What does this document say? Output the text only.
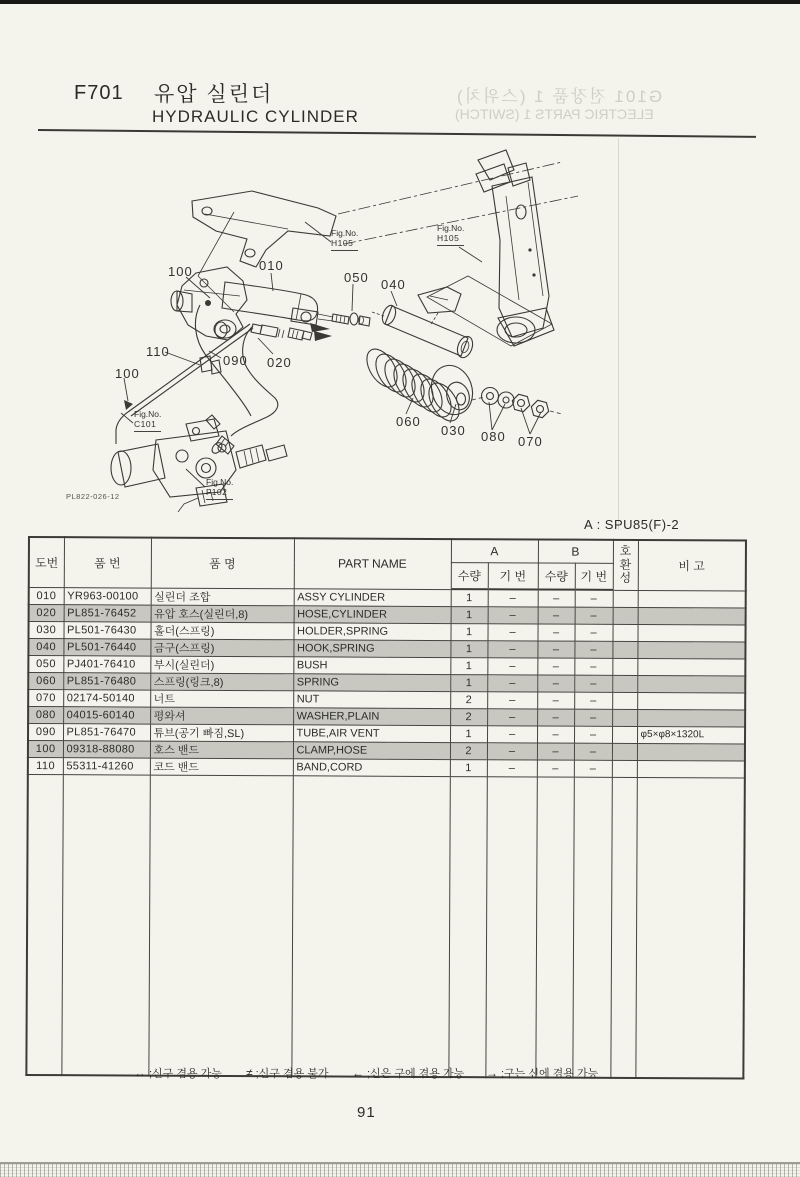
F701 유압 실린더
HYDRAULIC CYLINDER
G101 전장품 1 (스위치)
ELECTRIC PARTS 1 (SWITCH)
100	010
050 040
110
090 020
100
060
030 080 070
Fig.No.
H105
Fig.No.
H105
Fig.No.
C101
Fig.No.
F102
PL822-026-12
A : SPU85(F)-2
도번	품 번	품 명	PART NAME	A		B		호
환
성	비 고
				수량	기 번	수량	기 번		
010	YR963-00100	실린더 조합	ASSY CYLINDER	1	–	–	–		
020	PL851-76452	유압 호스(실린더,8)	HOSE,CYLINDER	1	–	–	–		
030	PL501-76430	홀더(스프링)	HOLDER,SPRING	1	–	–	–		
040	PL501-76440	금구(스프링)	HOOK,SPRING	1	–	–	–		
050	PJ401-76410	부시(실린더)	BUSH	1	–	–	–		
060	PL851-76480	스프링(링크,8)	SPRING	1	–	–	–		
070	02174-50140	너트	NUT	2	–	–	–		
080	04015-60140	평와셔	WASHER,PLAIN	2	–	–	–		
090	PL851-76470	튜브(공기 빠짐,SL)	TUBE,AIR VENT	1	–	–	–		φ5×φ8×1320L
100	09318-88080	호스 밴드	CLAMP,HOSE	2	–	–	–		
110	55311-41260	코드 밴드	BAND,CORD	1	–	–	–		

↔ ;신구 겸용 가능 ≠ ;신구 겸용 불가 ← ;신은 구에 겸용 가능 → ;구는 신에 겸용 가능
91
